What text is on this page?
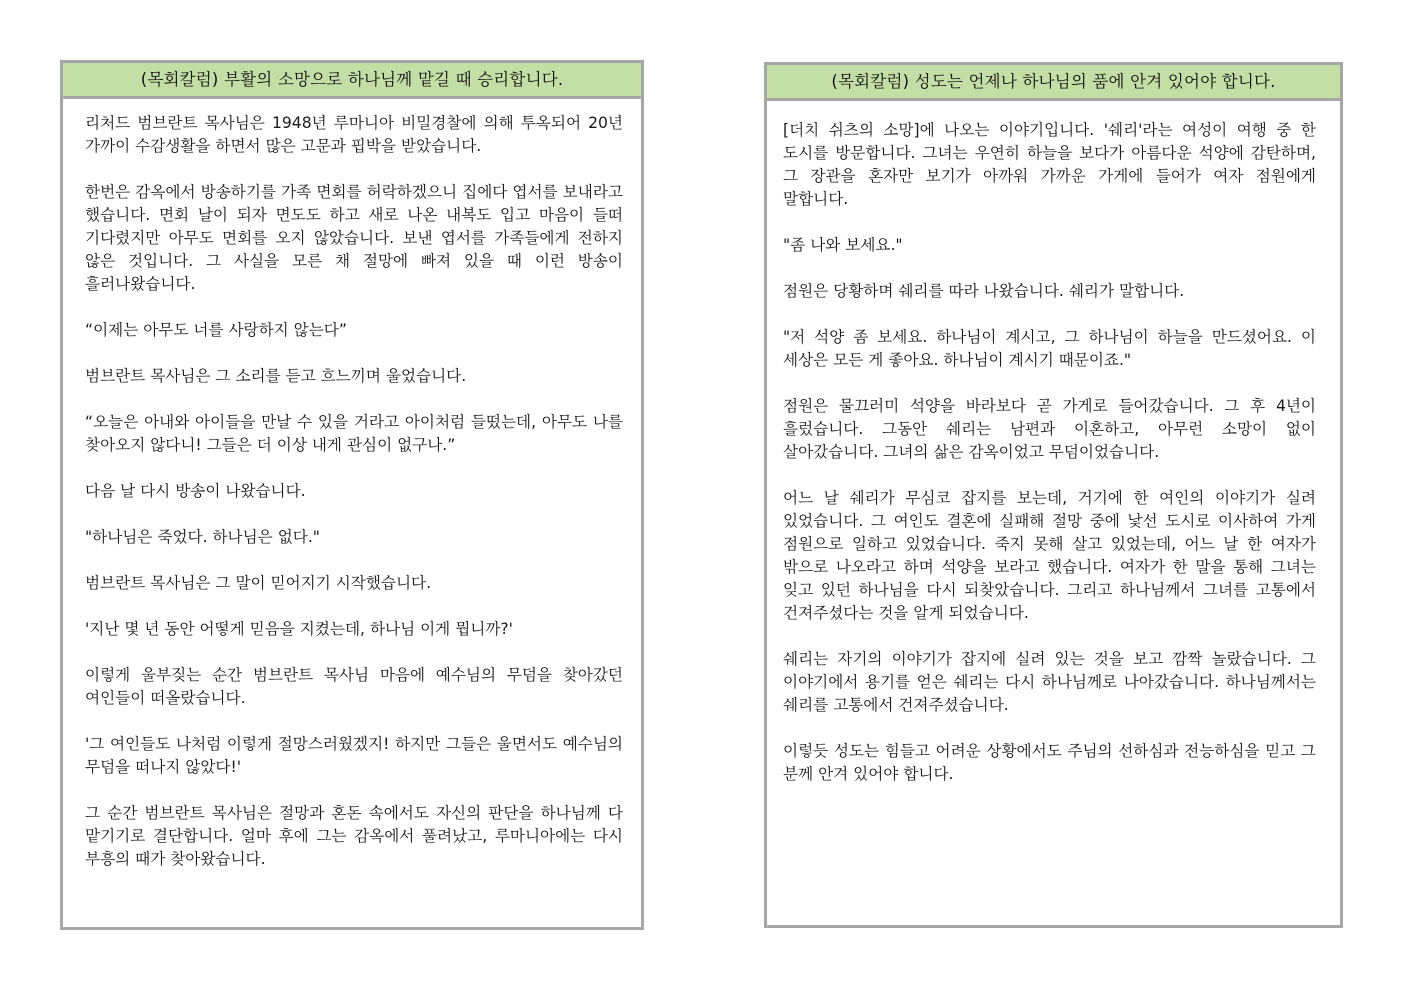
(목회칼럼) 부활의 소망으로 하나님께 맡길 때 승리합니다.

리처드 범브란트 목사님은 1948년 루마니아 비밀경찰에 의해 투옥되어 20년 가까이 수감생활을 하면서 많은 고문과 핍박을 받았습니다.

한번은 감옥에서 방송하기를 가족 면회를 허락하겠으니 집에다 엽서를 보내라고 했습니다. 면회 날이 되자 면도도 하고 새로 나온 내복도 입고 마음이 들떠 기다렸지만 아무도 면회를 오지 않았습니다. 보낸 엽서를 가족들에게 전하지 않은 것입니다. 그 사실을 모른 채 절망에 빠져 있을 때 이런 방송이 흘러나왔습니다.

“이제는 아무도 너를 사랑하지 않는다”

범브란트 목사님은 그 소리를 듣고 흐느끼며 울었습니다.

“오늘은 아내와 아이들을 만날 수 있을 거라고 아이처럼 들떴는데, 아무도 나를 찾아오지 않다니! 그들은 더 이상 내게 관심이 없구나.”

다음 날 다시 방송이 나왔습니다.

"하나님은 죽었다. 하나님은 없다."

범브란트 목사님은 그 말이 믿어지기 시작했습니다.

'지난 몇 년 동안 어떻게 믿음을 지켰는데, 하나님 이게 뭡니까?'

이렇게 울부짖는 순간 범브란트 목사님 마음에 예수님의 무덤을 찾아갔던 여인들이 떠올랐습니다.

'그 여인들도 나처럼 이렇게 절망스러웠겠지! 하지만 그들은 울면서도 예수님의 무덤을 떠나지 않았다!'

그 순간 범브란트 목사님은 절망과 혼돈 속에서도 자신의 판단을 하나님께 다 맡기기로 결단합니다. 얼마 후에 그는 감옥에서 풀려났고, 루마니아에는 다시 부흥의 때가 찾아왔습니다.

(목회칼럼) 성도는 언제나 하나님의 품에 안겨 있어야 합니다.

[더치 쉬츠의 소망]에 나오는 이야기입니다. '쉐리'라는 여성이 여행 중 한 도시를 방문합니다. 그녀는 우연히 하늘을 보다가 아름다운 석양에 감탄하며, 그 장관을 혼자만 보기가 아까워 가까운 가게에 들어가 여자 점원에게 말합니다.

"좀 나와 보세요."

점원은 당황하며 쉐리를 따라 나왔습니다. 쉐리가 말합니다.

"저 석양 좀 보세요. 하나님이 계시고, 그 하나님이 하늘을 만드셨어요. 이 세상은 모든 게 좋아요. 하나님이 계시기 때문이죠."

점원은 물끄러미 석양을 바라보다 곧 가게로 들어갔습니다. 그 후 4년이 흘렀습니다. 그동안 쉐리는 남편과 이혼하고, 아무런 소망이 없이 살아갔습니다. 그녀의 삶은 감옥이었고 무덤이었습니다.

어느 날 쉐리가 무심코 잡지를 보는데, 거기에 한 여인의 이야기가 실려 있었습니다. 그 여인도 결혼에 실패해 절망 중에 낯선 도시로 이사하여 가게 점원으로 일하고 있었습니다. 죽지 못해 살고 있었는데, 어느 날 한 여자가 밖으로 나오라고 하며 석양을 보라고 했습니다. 여자가 한 말을 통해 그녀는 잊고 있던 하나님을 다시 되찾았습니다. 그리고 하나님께서 그녀를 고통에서 건져주셨다는 것을 알게 되었습니다.

쉐리는 자기의 이야기가 잡지에 실려 있는 것을 보고 깜짝 놀랐습니다. 그 이야기에서 용기를 얻은 쉐리는 다시 하나님께로 나아갔습니다. 하나님께서는 쉐리를 고통에서 건져주셨습니다.

이렇듯 성도는 힘들고 어려운 상황에서도 주님의 선하심과 전능하심을 믿고 그 분께 안겨 있어야 합니다.
